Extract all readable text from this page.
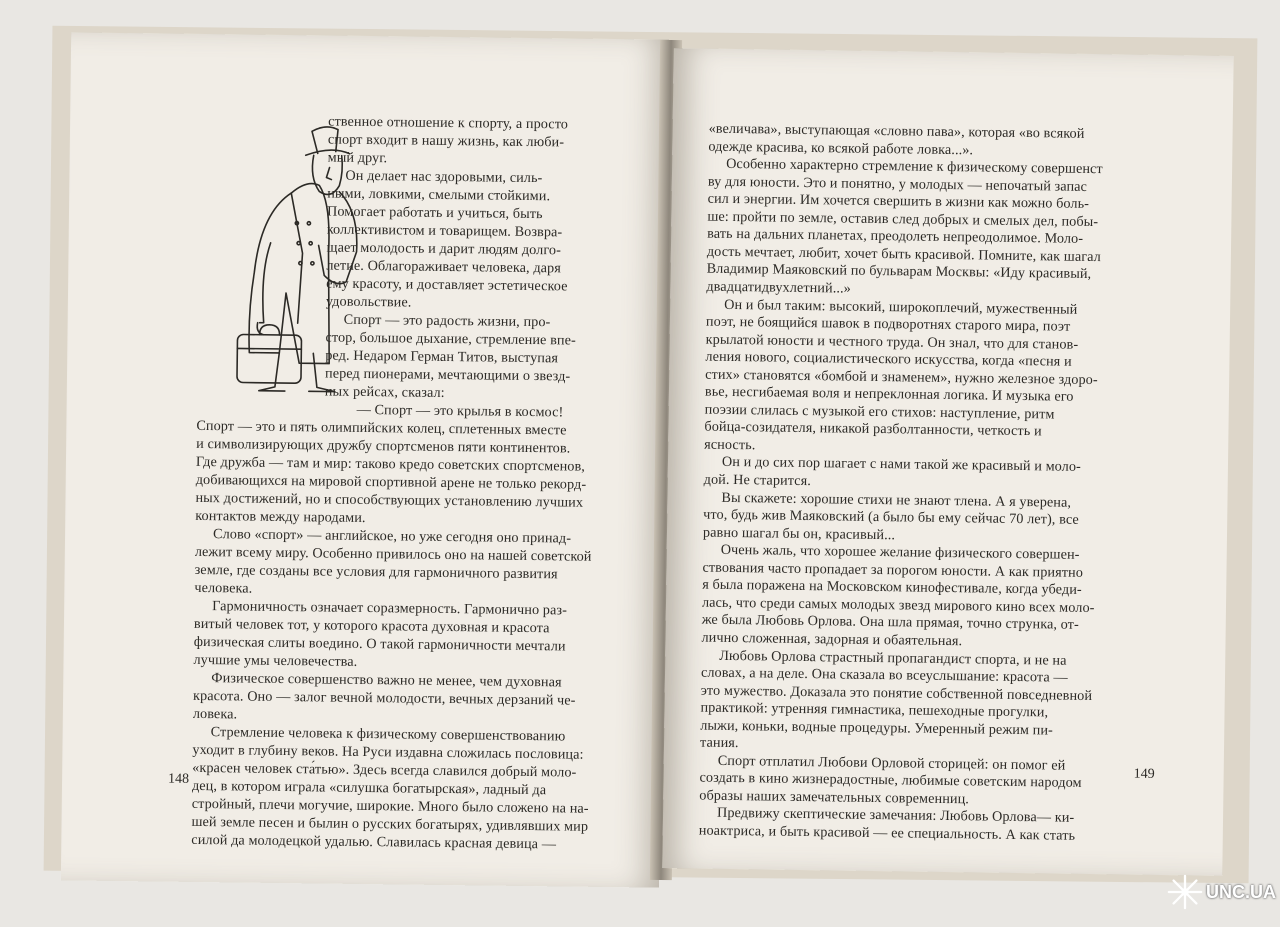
ственное отношение к спорту, а просто
спорт входит в нашу жизнь, как люби-
мый друг.
Он делает нас здоровыми, силь-
ными, ловкими, смелыми стойкими.
Помогает работать и учиться, быть
коллективистом и товарищем. Возвра-
щает молодость и дарит людям долго-
летие. Облагораживает человека, даря
ему красоту, и доставляет эстетическое
удовольствие.
Спорт — это радость жизни, про-
стор, большое дыхание, стремление впе-
ред. Недаром Герман Титов, выступая
перед пионерами, мечтающими о звезд-
ных рейсах, сказал:
— Спорт — это крылья в космос!
Спорт — это и пять олимпийских колец, сплетенных вместе
и символизирующих дружбу спортсменов пяти континентов.
Где дружба — там и мир: таково кредо советских спортсменов,
добивающихся на мировой спортивной арене не только рекорд-
ных достижений, но и способствующих установлению лучших
контактов между народами.
Слово «спорт» — английское, но уже сегодня оно принад-
лежит всему миру. Особенно привилось оно на нашей советской
земле, где созданы все условия для гармоничного развития
человека.
Гармоничность означает соразмерность. Гармонично раз-
витый человек тот, у которого красота духовная и красота
физическая слиты воедино. О такой гармоничности мечтали
лучшие умы человечества.
Физическое совершенство важно не менее, чем духовная
красота. Оно — залог вечной молодости, вечных дерзаний че-
ловека.
Стремление человека к физическому совершенствованию
уходит в глубину веков. На Руси издавна сложилась пословица:
«красен человек ста́тью». Здесь всегда славился добрый моло-
дец, в котором играла «силушка богатырская», ладный да
стройный, плечи могучие, широкие. Много было сложено на на-
шей земле песен и былин о русских богатырях, удивлявших мир
силой да молодецкой удалью. Славилась красная девица —
148
«величава», выступающая «словно пава», которая «во всякой
одежде красива, ко всякой работе ловка...».
Особенно характерно стремление к физическому совершенст
ву для юности. Это и понятно, у молодых — непочатый запас
сил и энергии. Им хочется свершить в жизни как можно боль-
ше: пройти по земле, оставив след добрых и смелых дел, побы-
вать на дальних планетах, преодолеть непреодолимое. Моло-
дость мечтает, любит, хочет быть красивой. Помните, как шагал
Владимир Маяковский по бульварам Москвы: «Иду красивый,
двадцатидвухлетний...»
Он и был таким: высокий, широкоплечий, мужественный
поэт, не боящийся шавок в подворотнях старого мира, поэт
крылатой юности и честного труда. Он знал, что для станов-
ления нового, социалистического искусства, когда «песня и
стих» становятся «бомбой и знаменем», нужно железное здоро-
вье, несгибаемая воля и непреклонная логика. И музыка его
поэзии слилась с музыкой его стихов: наступление, ритм
бойца-созидателя, никакой разболтанности, четкость и
ясность.
Он и до сих пор шагает с нами такой же красивый и моло-
дой. Не старится.
Вы скажете: хорошие стихи не знают тлена. А я уверена,
что, будь жив Маяковский (а было бы ему сейчас 70 лет), все
равно шагал бы он, красивый...
Очень жаль, что хорошее желание физического совершен-
ствования часто пропадает за порогом юности. А как приятно
я была поражена на Московском кинофестивале, когда убеди-
лась, что среди самых молодых звезд мирового кино всех моло-
же была Любовь Орлова. Она шла прямая, точно струнка, от-
лично сложенная, задорная и обаятельная.
Любовь Орлова страстный пропагандист спорта, и не на
словах, а на деле. Она сказала во всеуслышание: красота —
это мужество. Доказала это понятие собственной повседневной
практикой: утренняя гимнастика, пешеходные прогулки,
лыжи, коньки, водные процедуры. Умеренный режим пи-
тания.
Спорт отплатил Любови Орловой сторицей: он помог ей
создать в кино жизнерадостные, любимые советским народом
образы наших замечательных современниц.
Предвижу скептические замечания: Любовь Орлова— ки-
ноактриса, и быть красивой — ее специальность. А как стать
149
UNC.UA
